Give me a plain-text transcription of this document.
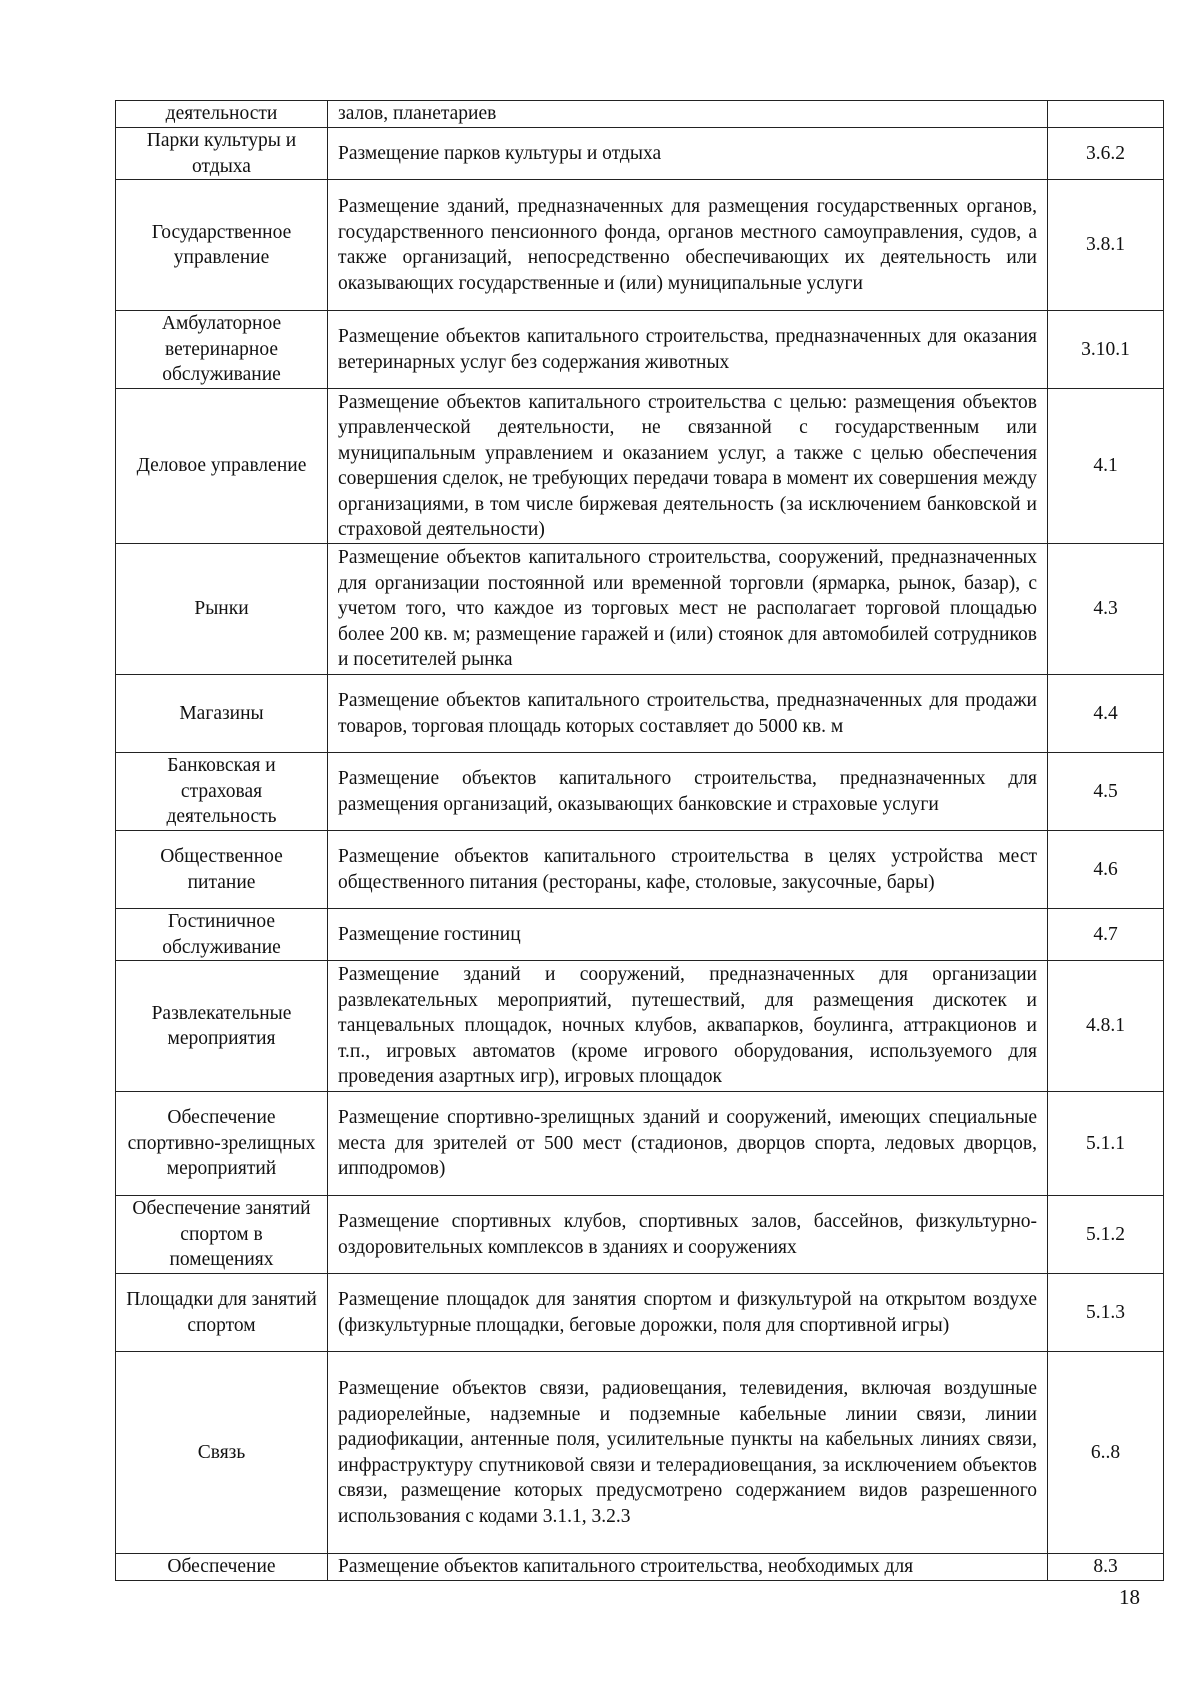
деятельности	залов, планетариев	
Парки культуры и отдыха	Размещение парков культуры и отдыха	3.6.2
Государственное управление	Размещение зданий, предназначенных для размещения государственных органов, государственного пенсионного фонда, органов местного самоуправления, судов, а также организаций, непосредственно обеспечивающих их деятельность или оказывающих государственные и (или) муниципальные услуги	3.8.1
Амбулаторное ветеринарное обслуживание	Размещение объектов капитального строительства, предназначенных для оказания ветеринарных услуг без содержания животных	3.10.1
Деловое управление	Размещение объектов капитального строительства с целью: размещения объектов управленческой деятельности, не связанной с государственным или муниципальным управлением и оказанием услуг, а также с целью обеспечения совершения сделок, не требующих передачи товара в момент их совершения между организациями, в том числе биржевая деятельность (за исключением банковской и страховой деятельности)	4.1
Рынки	Размещение объектов капитального строительства, сооружений, предназначенных для организации постоянной или временной торговли (ярмарка, рынок, базар), с учетом того, что каждое из торговых мест не располагает торговой площадью более 200 кв. м; размещение гаражей и (или) стоянок для автомобилей сотрудников и посетителей рынка	4.3
Магазины	Размещение объектов капитального строительства, предназначенных для продажи товаров, торговая площадь которых составляет до 5000 кв. м	4.4
Банковская и страховая деятельность	Размещение объектов капитального строительства, предназначенных для размещения организаций, оказывающих банковские и страховые услуги	4.5
Общественное питание	Размещение объектов капитального строительства в целях устройства мест общественного питания (рестораны, кафе, столовые, закусочные, бары)	4.6
Гостиничное обслуживание	Размещение гостиниц	4.7
Развлекательные мероприятия	Размещение зданий и сооружений, предназначенных для организации развлекательных мероприятий, путешествий, для размещения дискотек и танцевальных площадок, ночных клубов, аквапарков, боулинга, аттракционов и т.п., игровых автоматов (кроме игрового оборудования, используемого для проведения азартных игр), игровых площадок	4.8.1
Обеспечение спортивно-зрелищных мероприятий	Размещение спортивно-зрелищных зданий и сооружений, имеющих специальные места для зрителей от 500 мест (стадионов, дворцов спорта, ледовых дворцов, ипподромов)	5.1.1
Обеспечение занятий спортом в помещениях	Размещение спортивных клубов, спортивных залов, бассейнов, физкультурно-оздоровительных комплексов в зданиях и сооружениях	5.1.2
Площадки для занятий спортом	Размещение площадок для занятия спортом и физкультурой на открытом воздухе (физкультурные площадки, беговые дорожки, поля для спортивной игры)	5.1.3
Связь	Размещение объектов связи, радиовещания, телевидения, включая воздушные радиорелейные, надземные и подземные кабельные линии связи, линии радиофикации, антенные поля, усилительные пункты на кабельных линиях связи, инфраструктуру спутниковой связи и телерадиовещания, за исключением объектов связи, размещение которых предусмотрено содержанием видов разрешенного использования с кодами 3.1.1, 3.2.3	6..8
Обеспечение	Размещение объектов капитального строительства, необходимых для	8.3
18
